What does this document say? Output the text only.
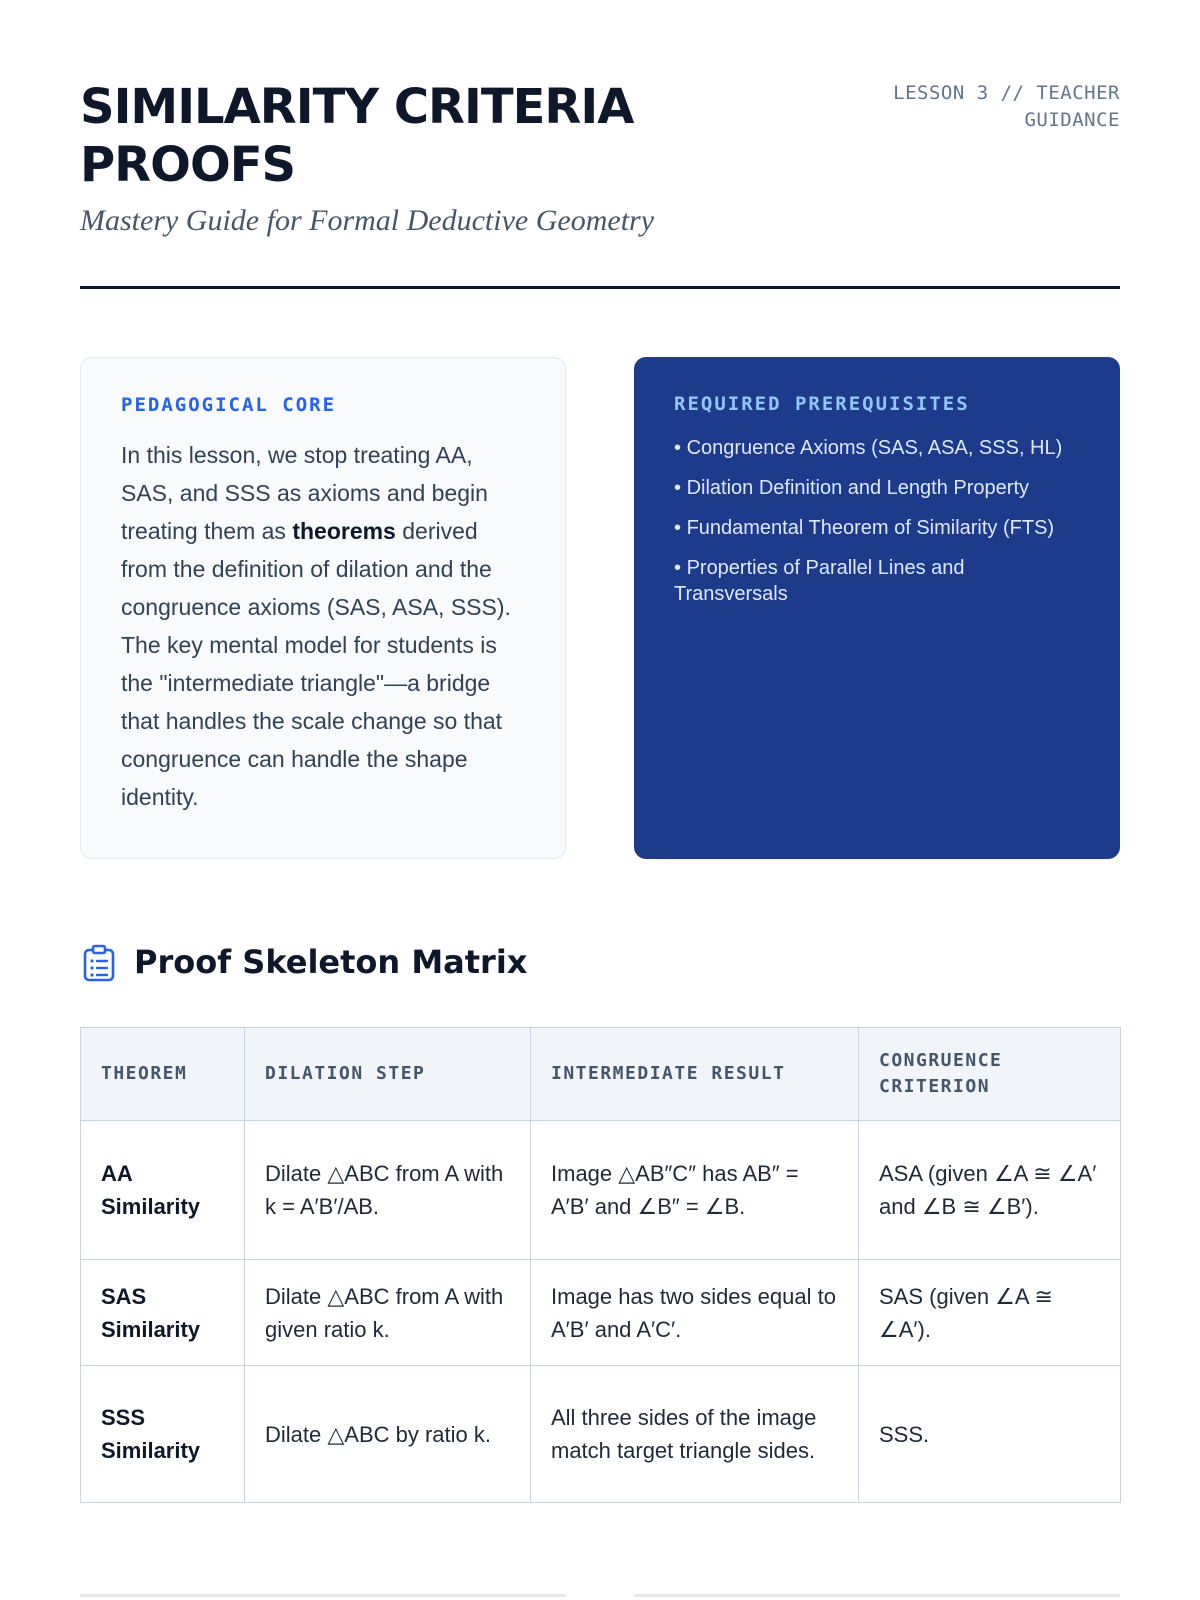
SIMILARITY CRITERIA
PROOFS
Mastery Guide for Formal Deductive Geometry
LESSON 3 // TEACHER
GUIDANCE
PEDAGOGICAL CORE

In this lesson, we stop treating AA, SAS, and SSS as axioms and begin treating them as theorems derived from the definition of dilation and the congruence axioms (SAS, ASA, SSS). The key mental model for students is the "intermediate triangle"—a bridge that handles the scale change so that congruence can handle the shape identity.

REQUIRED PREREQUISITES
• Congruence Axioms (SAS, ASA, SSS, HL)
• Dilation Definition and Length Property
• Fundamental Theorem of Similarity (FTS)
• Properties of Parallel Lines and Transversals
Proof Skeleton Matrix
THEOREM	DILATION STEP	INTERMEDIATE RESULT	CONGRUENCE CRITERION
AA Similarity	Dilate △ABC from A with k = A′B′/AB.	Image △AB″C″ has AB″ = A′B′ and ∠B″ = ∠B.	ASA (given ∠A ≅ ∠A′ and ∠B ≅ ∠B′).
SAS Similarity	Dilate △ABC from A with given ratio k.	Image has two sides equal to A′B′ and A′C′.	SAS (given ∠A ≅ ∠A′).
SSS Similarity	Dilate △ABC by ratio k.	All three sides of the image match target triangle sides.	SSS.
